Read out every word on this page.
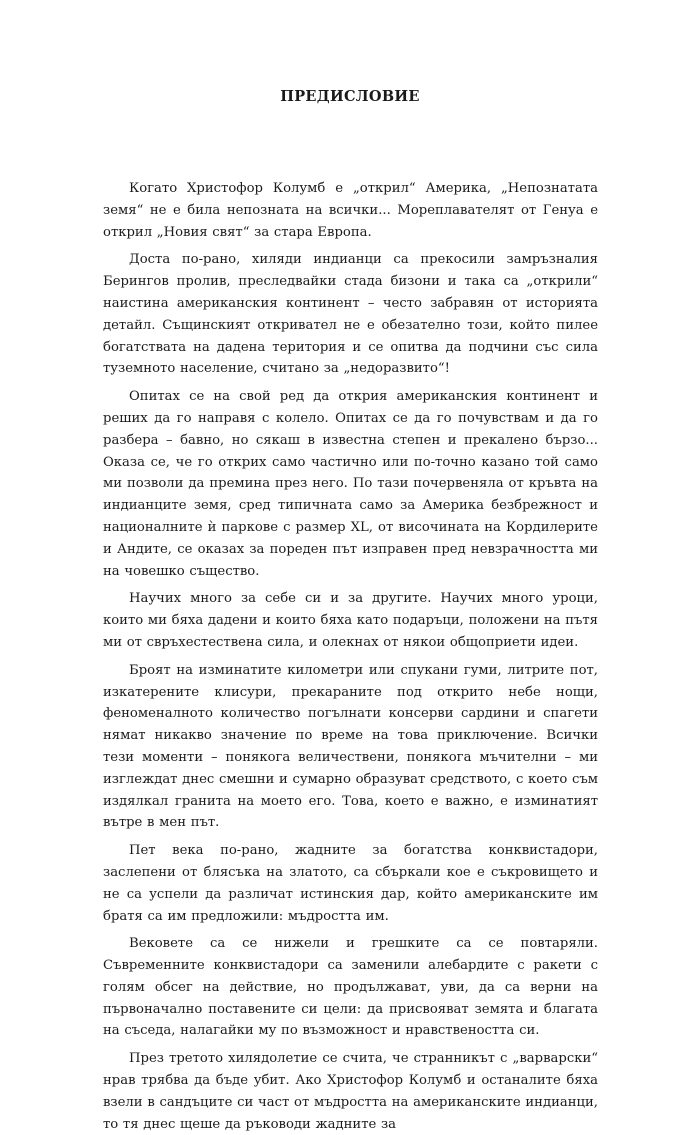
ПРЕДИСЛОВИЕ

Когато Христофор Колумб е „открил“ Америка, „Непознатата земя“ не е била непозната на всички... Мореплавателят от Генуа е открил „Новия свят“ за стара Европа.

Доста по-рано, хиляди индианци са прекосили замръзналия Берингов пролив, преследвайки стада бизони и така са „открили“ наистина американския континент – често забравян от историята детайл. Същинският откривател не е обезателно този, който пилее богатствата на дадена територия и се опитва да подчини със сила туземното население, считано за „недоразвито“!

Опитах се на свой ред да открия американския континент и реших да го направя с колело. Опитах се да го почувствам и да го разбера – бавно, но сякаш в известна степен и прекалено бързо... Оказа се, че го открих само частично или по-точно казано той само ми позволи да премина през него. По тази почервеняла от кръвта на индианците земя, сред типичната само за Америка безбрежност и националните ѝ паркове с размер XL, от височината на Кордилерите и Андите, се оказах за пореден път изправен пред невзрачността ми на човешко същество.

Научих много за себе си и за другите. Научих много уроци, които ми бяха дадени и които бяха като подаръци, положени на пътя ми от свръхестествена сила, и олекнах от някои общоприети идеи.

Броят на изминатите километри или спукани гуми, литрите пот, изкатерените клисури, прекараните под открито небе нощи, феноменалното количество погълнати консерви сардини и спагети нямат никакво значение по време на това приключение. Всички тези моменти – понякога величествени, понякога мъчителни – ми изглеждат днес смешни и сумарно образуват средството, с което съм издялкал гранита на моето его. Това, което е важно, е изминатият вътре в мен път.

Пет века по-рано, жадните за богатства конквистадори, заслепени от блясъка на златото, са сбъркали кое е съкровището и не са успели да различат истинския дар, който американските им братя са им предложили: мъдростта им.

Вековете са се нижели и грешките са се повтаряли. Съвременните конквистадори са заменили алебардите с ракети с голям обсег на действие, но продължават, уви, да са верни на първоначално поставените си цели: да присвояват земята и благата на съседа, налагайки му по възможност и нравствеността си.

През третото хилядолетие се счита, че странникът с „варварски“ нрав трябва да бъде убит. Ако Христофор Колумб и останалите бяха взели в сандъците си част от мъдростта на американските индианци, то тя днес щеше да ръководи жадните за
